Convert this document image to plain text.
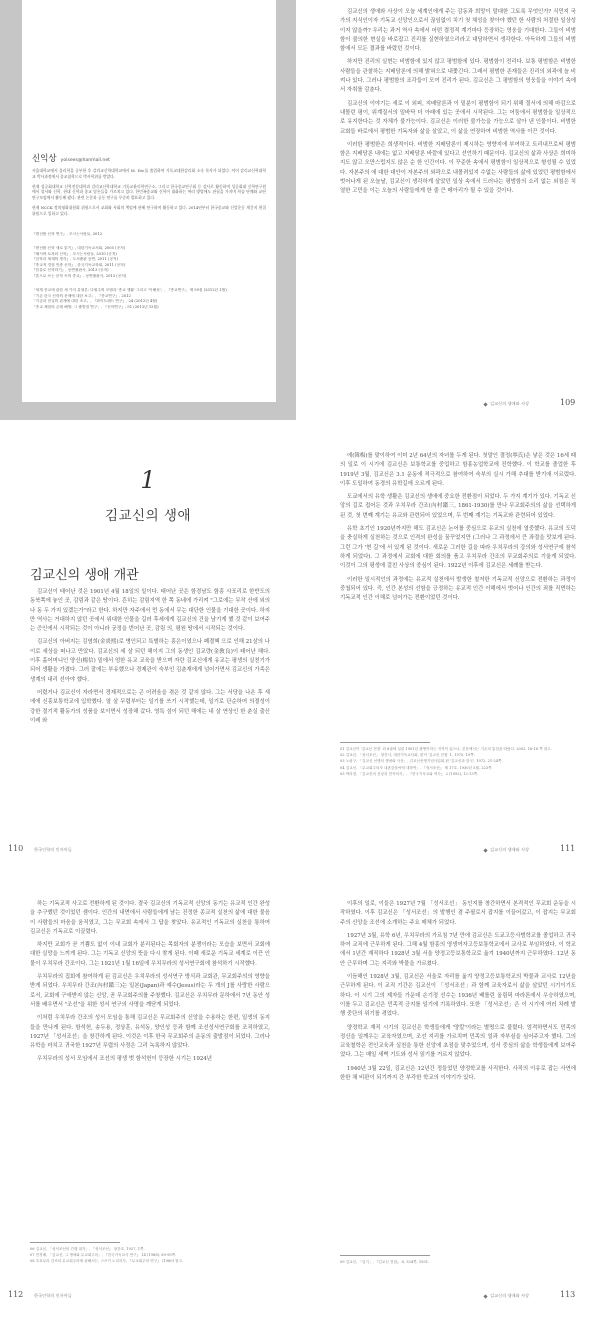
신익상 yoisees@hanmail.net

서울대학교에서 물리학을 공부한 후 감리교신학대학교에서 M. Div.를 졸업하여 기독교대한감리회 소속 목사가 되었다. 이어 감리교신학대학교 박사과정에서 종교철학으로 박사학위를 받았다.

현재 성공회대학교 신학전문대학과 감리교신학대학교 기독교윤리학연구소, 그리고 한국종교연구회 등 강사로 활동하며 성공회대 신학연구원에서 성서와 신학, 현대 신학과 종교 담론들을 가르치고 있다. 한민족종교와 신학이 대화하는 여러 방법에도 관심을 가지며 학술 단체와 교단 연구모임에서 활동해 왔다. 관련 논문과 공동 연구를 꾸준히 발표하고 있다.

현재 NCCK 정의평화위원회 위원으로서 교회와 사회의 책임에 관해 연구하며 활동하고 있다. 2014년부터 한국종교와 신앙운동 계간지 편집위원으로 일하고 있다.

『변선환 신학 연구』, 모시는사람들, 2012
『변선환 신학 새로 읽기』, 대한기독교서회, 2005 (공저)
『베시바 토착화 신학』, 모시는사람들, 2010 (공저)
『신학과 세계의 생각』, 도서출판 동연, 2011 (공저)
『종교적 경험 민중 신학』, 한국기독교학회, 2011 (공저)
『한류로 신학하기』, 동연출판사, 2013 (공저)
『혼으로 쓰는 문학 속의 종교』, 동연출판사, 2013 (공저)
「세계 종교에 관한 세 가지 유형론: 다원주의 모델과 '종교 생활' 그리고 '이해성'」, 『종교연구』 제 59집 (2012년 1월)
「기존 한국 신학의 문제에 대한 보고」, 『종교연구』, 2012
「기존과 현실의 관계에 대한 조고」, 『화이트헤드 연구』, 24 (2012년 4월)
「종교 체험의 존재 해명: 그 출발점 연구」, 『신학연구』, 51 (2013년 12월)

김교신의 생애와 사상이 오늘 세계인에게 주는 감동과 희망이 말대한 그토록 무엇인가? 식민지 국가의 지식인이자 기독교 신앙인으로서 끊임없이 치기 첫 체성을 찾아야 했던 한 사람의 처절한 일상성이지 않을까? 우리는 과거 역사 속에서 어떤 결정적 계기마다 등장하는 영웅을 기대한다. 그들이 비범함이 불의한 현실을 바로잡고 진리를 실현하였으리라고 대담하면서 생각한다. 아득하게 그들의 비범함에서 모든 결과를 바랐던 것이다.

하지만 진리의 실현는 비범함에 있지 않고 평범함에 있다. 평범함이 전리다. 보통 평범함은 비범한 사람들을 관찰하는 지배담론에 의해 밝혀으로 내쫓긴다. 그래서 평범한 존재들은 진리의 외곽에 늘 비켜나 있다. 그러나 평범함의 조각들이 모여 진리가 된다. 김교신은 그 평범함의 영웅들을 이야기 속에서 자취를 감춘다.

김교신의 이야기는 새로 이 외피, 지배담론과 이 밑분이 평범함이 되기 위해 절서에 의해 마감으로 내몰린 평이, 위계질서의 밑바닥 더 아래에 있는 곳에서 시작된다. 그는 어둠에서 평범함을 일상적으로 유지한다는 것 자체가 불가능이다. 김교신은 이러한 불가능을 가능으로 살아 낸 인물이다. 비범한 교회들 바로에서 평범한 기독자와 삶을 살았고, 이 삶을 연장하여 비범한 역사를 이끈 것이다.

이러한 평범한은 희생적이다. 비범한 지배담론이 제시하는 영향지에 부여하고 트리내므로써 평범함은 지배담론 내에는 없고 지배담론 바깥에 있다고 선언하기 때문이다. 김교신의 삶과 사상은 희미하지도 않고 오만스럽지도 않은 순 한 인간이다. 이 꾸준한 속에서 평범함이 일상적으로 형성될 수 있었다. 자본주의 에 대한 대안이 자본주의 외곽으로 내몰려있지 수없는 사람들의 삶에 있었던 평범함에서 벗어나게 된 오늘날, 김교신이 생각하게 살았던 일상 속에서 드러나는 평범함의 소리 없는 외침은 치열한 고민을 이는 오늘의 사람들에게 한 줄 큰 메아리가 될 수 있을 것이다.

김교신의 생애와 사상	109
1
김교신의 생애
김교신의 생애 개관

김교신이 태어난 것은 1901년 4월 18일의 일이다. 태어난 곳은 함경남도 함흥 사포리로 한반도의 동북쪽에 놓인 곳, 감림과 같은 땅이다. 흔히는 감림지역 한 쪽 동네에 가리켜 "그로에는 무작 산에 외의 나 동 두 가지 있겠는가"라고 한다. 하지만 자주에서 먼 동에서 무는 대단한 인물을 기대한 곳이다. 하지만 역사는 거대하지 않던 곳에서 위대한 인물을 길러 후세에게 김교신의 건을 남기게 했 것 같이 보여주는 증인에서 시작되는 것이 아니라 궁정을 번어난 곳, 감림 의, 평원 땅에서 시작되는 것이다.

김교신의 아버지는 김염희(金炎熙)로 병인되고 특별하는 흥은이였으나 폐결핵 으로 인해 21살의 나이로 세상을 떠나고 만았다. 김교신의 세 살 되던 해이지 그의 동생인 김교량(金敎良)이 태어난 해다. 이후 홀어머니인 양신(楊信) 밑에서 엄한 유교 교육을 받으며 자란 김교신에게 유교는 평생의 실천기가 되어 생활을 가졌다. 그러 잘에는 부유했으나 경제관이 숙부인 김춘재에게 넘어가면서 김교신의 가족은 생계의 내리 선아야 했다.

어렸거나 김교신이 자라면서 경제적으로는 곤 어려움을 겪은 것 같지 않다. 그는 서당을 나온 후 새에에 신흥보통학교에 입학했다. 열 살 무렵부터는 일기를 쓰기 시작했는데, 일기로 단순하여 의결성이 강한 절기적 활동가의 성품을 보이면서 성장해 갔다. 영특 섬이 되던 해에는 내 살 연상인 한 춘실 출신 이레 와

110	한국인학의 인자아들

에(韓梅)를 맞이하여 이미 2년 64년의 자녀를 두게 된다. 첫말인 결정(寧氏)은 낳은 것은 16세 때의 일로 이 시기에 김교신은 보통학교를 중업하고 함흥농업학교에 진학했다. 이 학교를 졸업한 후 1919년 3월, 김교신은 3.1 운동에 적극적으로 참여하여 숙부의 실시 가해 추대를 받기에 이르렀다. 이후 도일하여 동경의 유학길에 오르게 된다.

도쿄에서의 유학 생활은 김교신의 생애에 중요한 전환점이 되었다. 두 가지 계기가 있다. 기독교 신앙의 길로 접어든 것과 우치무라 간조(內村鑑三, 1861-1930)를 만나 무교회주의의 삶을 선택하게 된 것, 첫 번째 계기는 유교와 관련되어 있었으며, 두 번째 계기는 기독교와 관련되어 있었다.

유학 초기인 1920년까지만 해도 김교신은 논어를 중심으로 유교의 실천에 열중했다. 유교의 도덕을 충실하게 실천하는 것으로 인격의 완성을 꿈꾸었지만 (그러나 그 과정에서 큰 좌절을 맛보게 된다. 그런 그가 '현 길'에 서 있게 된 것이다. 새로운 그러한 길을 따라 우치무라의 강의와 성서연구에 참석하게 되었다). 그 과정에서 교회에 대한 회의를 품고 우치무라 간조의 무교회주의로 기울게 되었다. 이것이 그의 평생에 걸친 사상의 중심이 된다. 1922년 이후에 김교신은 세례를 받는다.

이러한 일시적인의 과정에는 유교적 실천에서 발생한 철저한 기독교적 신앙으로 전환하는 과정이 중첩되어 있다. 즉, 인간 본성의 선함을 긍정하는 유교적 인간 이해에서 벗어나 인간의 죄를 직면하는 기독교적 인간 이해로 넘어가는 전환이었던 것이다.

01 김교신이 '김교신 전집' 외 8권에 실린 1901년 출생이라는 지적이 있으나, 본문에서는 기존의 통설을 따랐다. 2002, 16-18 쪽 참고.
02 김교신, 「성서조선」 창간사, 대한기독교서회, 편저 '김교신 전집' 1, 1975, 19쪽.
03 노평구, 「김교신 선생의 생애와 사상」, 김교신선생기념사업회 편 '김교신과 한국', 1972, 21-24쪽.
04 김교신, 「무교회주의자 내촌감삼씨에 대하여」, 『성서조선』 제 17호, 1930년 5월, 223쪽.
05 박의경, 「김교신의 신앙과 민족의식」, 『한국기독교와 역사』 2 (1992), 12-13쪽.
김교신의 생애와 사상	111

하는 기독교적 사고로 전환하게 된 것이다. 결국 김교신의 기독교적 신앙의 동기는 유교적 인간 완성을 추구했던 것이었던 셈이다. 인간의 내면에서 사람들에게 남는 진정한 종교적 실천의 삶에 대한 물음이 사람들의 마음을 움직였고, 그는 무교회 속에서 그 답을 찾았다. 유교적인 기독교의 실천을 통하여 김교신은 기독교로 이끌렸다.

하지만 교회가 곧 기쁨도 없이 이내 교회가 분리된다는 목회자의 분쟁이라는 모습을 보면서 교회에 대한 실망을 느끼게 된다. 그는 기독교 신앙의 뜻을 다시 찾게 된다. 이때 새로운 기독교 세계로 이끈 인물이 우치무라 간조이다. 그는 1921년 1월 16일에 우치무라의 성서연구회에 참석하기 시작했다.

우치무라의 집회에 참여하게 된 김교신은 우치무라의 성서연구 방식과 교회관, 무교회주의의 영향을 받게 되었다. 우치무라 간조(內村鑑三)는 일본(Japan)과 예수(Jesus)라는 두 개의 J를 사랑한 사람으로서, 교회에 구애받지 않는 신앙, 곧 무교회주의를 주창했다. 김교신은 우치무라 문하에서 7년 동안 성서를 배우면서 "조선"을 위한 성서 연구의 사명을 깨닫게 되었다.

이처럼 우치무라 간조의 성서 모임을 통해 김교신은 무교회주의 신앙을 수용하는 한편, 일생의 동지들을 만나게 된다. 함석헌, 송두용, 정상훈, 유석동, 양인성 등과 함께 조선성서연구회를 조직하였고, 1927년 「성서조선」을 창간하게 된다. 이것은 이후 한국 무교회주의 운동의 출발점이 되었다. 그러나 유학을 마치고 귀국한 1927년 무렵의 사정은 그리 녹록하지 않았다.

우치무라의 성서 모임에서 조선의 평생 벗 함석헌이 등장한 시기는 1924년

06 김교신, 「성서조선의 간행 취지」, 『성서조선』 창간호, 1927, 1쪽.
07 민경배, 「김교신, 그 생애와 무교회주의」, 『한국기독교사 연구』 14 (1988), 89-95쪽.
08 우치무라 간조의 무교회주의에 관해서는, 스즈키 노리히사, 『무교회주의 연구』 (1980) 참고.
112	한국인학의 인자아들

이후의 일로, 이들은 1927년 7월 「성서조선」 동인지를 창간하면서 본격적인 무교회 운동을 시작하였다. 이후 김교신은 「성서조선」의 발행인 겸 주필로서 잡지를 이끌어갔고, 이 잡지는 무교회주의 신앙을 조선에 소개하는 주요 매체가 되었다.

1927년 3월, 유학 6년, 우치무라의 가르침 7년 만에 김교신은 도쿄고등사범학교를 졸업하고 귀국하여 교직에 근무하게 된다. 그해 4월 함흥의 영생여자고등보통학교에서 교사로 부임하였다. 이 학교에서 1년간 재직하다 1928년 3월 서울 양정고등보통학교로 옮겨 1940년까지 근무하였다. 12년 동안 근무하며 그는 지리와 박물을 가르쳤다.

이듬해인 1928년 3월, 김교신은 서울로 자리를 옮겨 양정고등보통학교의 박물과 교사로 12년을 근무하게 된다. 이 교직 기간은 김교신이 「성서조선」과 함께 교육자로서 삶을 살았던 시기이기도 하다. 이 시기 그의 제자들 가운데 손기정 선수는 1936년 베를린 올림픽 마라톤에서 우승하였으며, 이를 두고 김교신은 민족적 긍지를 일기에 기록하였다. 또한 「성서조선」은 이 시기에 여러 차례 발행 중단의 위기를 겪었다.

양정학교 재직 시기의 김교신은 학생들에게 '양칼'이라는 별명으로 불렸다. 엄격하면서도 민족의 정신을 일깨우는 교육자였으며, 조선 지리를 가르치며 민족의 얼과 자부심을 심어주고자 했다. 그의 교육철학은 전인교육과 실천을 통한 신앙에 초점을 맞추었으며, 성서 중심의 삶을 학생들에게 보여주었다. 그는 매일 새벽 기도와 성서 읽기를 거르지 않았다.

1940년 3월 22일, 김교신은 12년간 정들었던 양정학교를 사직한다. 사직의 이유로 잡는 사연에 한한 채 비판이 되기까지 간 부각한 학교의 이야기가 있다.

09 김교신, 「일기」, 『김교신 전집』 6, 324쪽, 1931.
김교신의 생애와 사상	113
